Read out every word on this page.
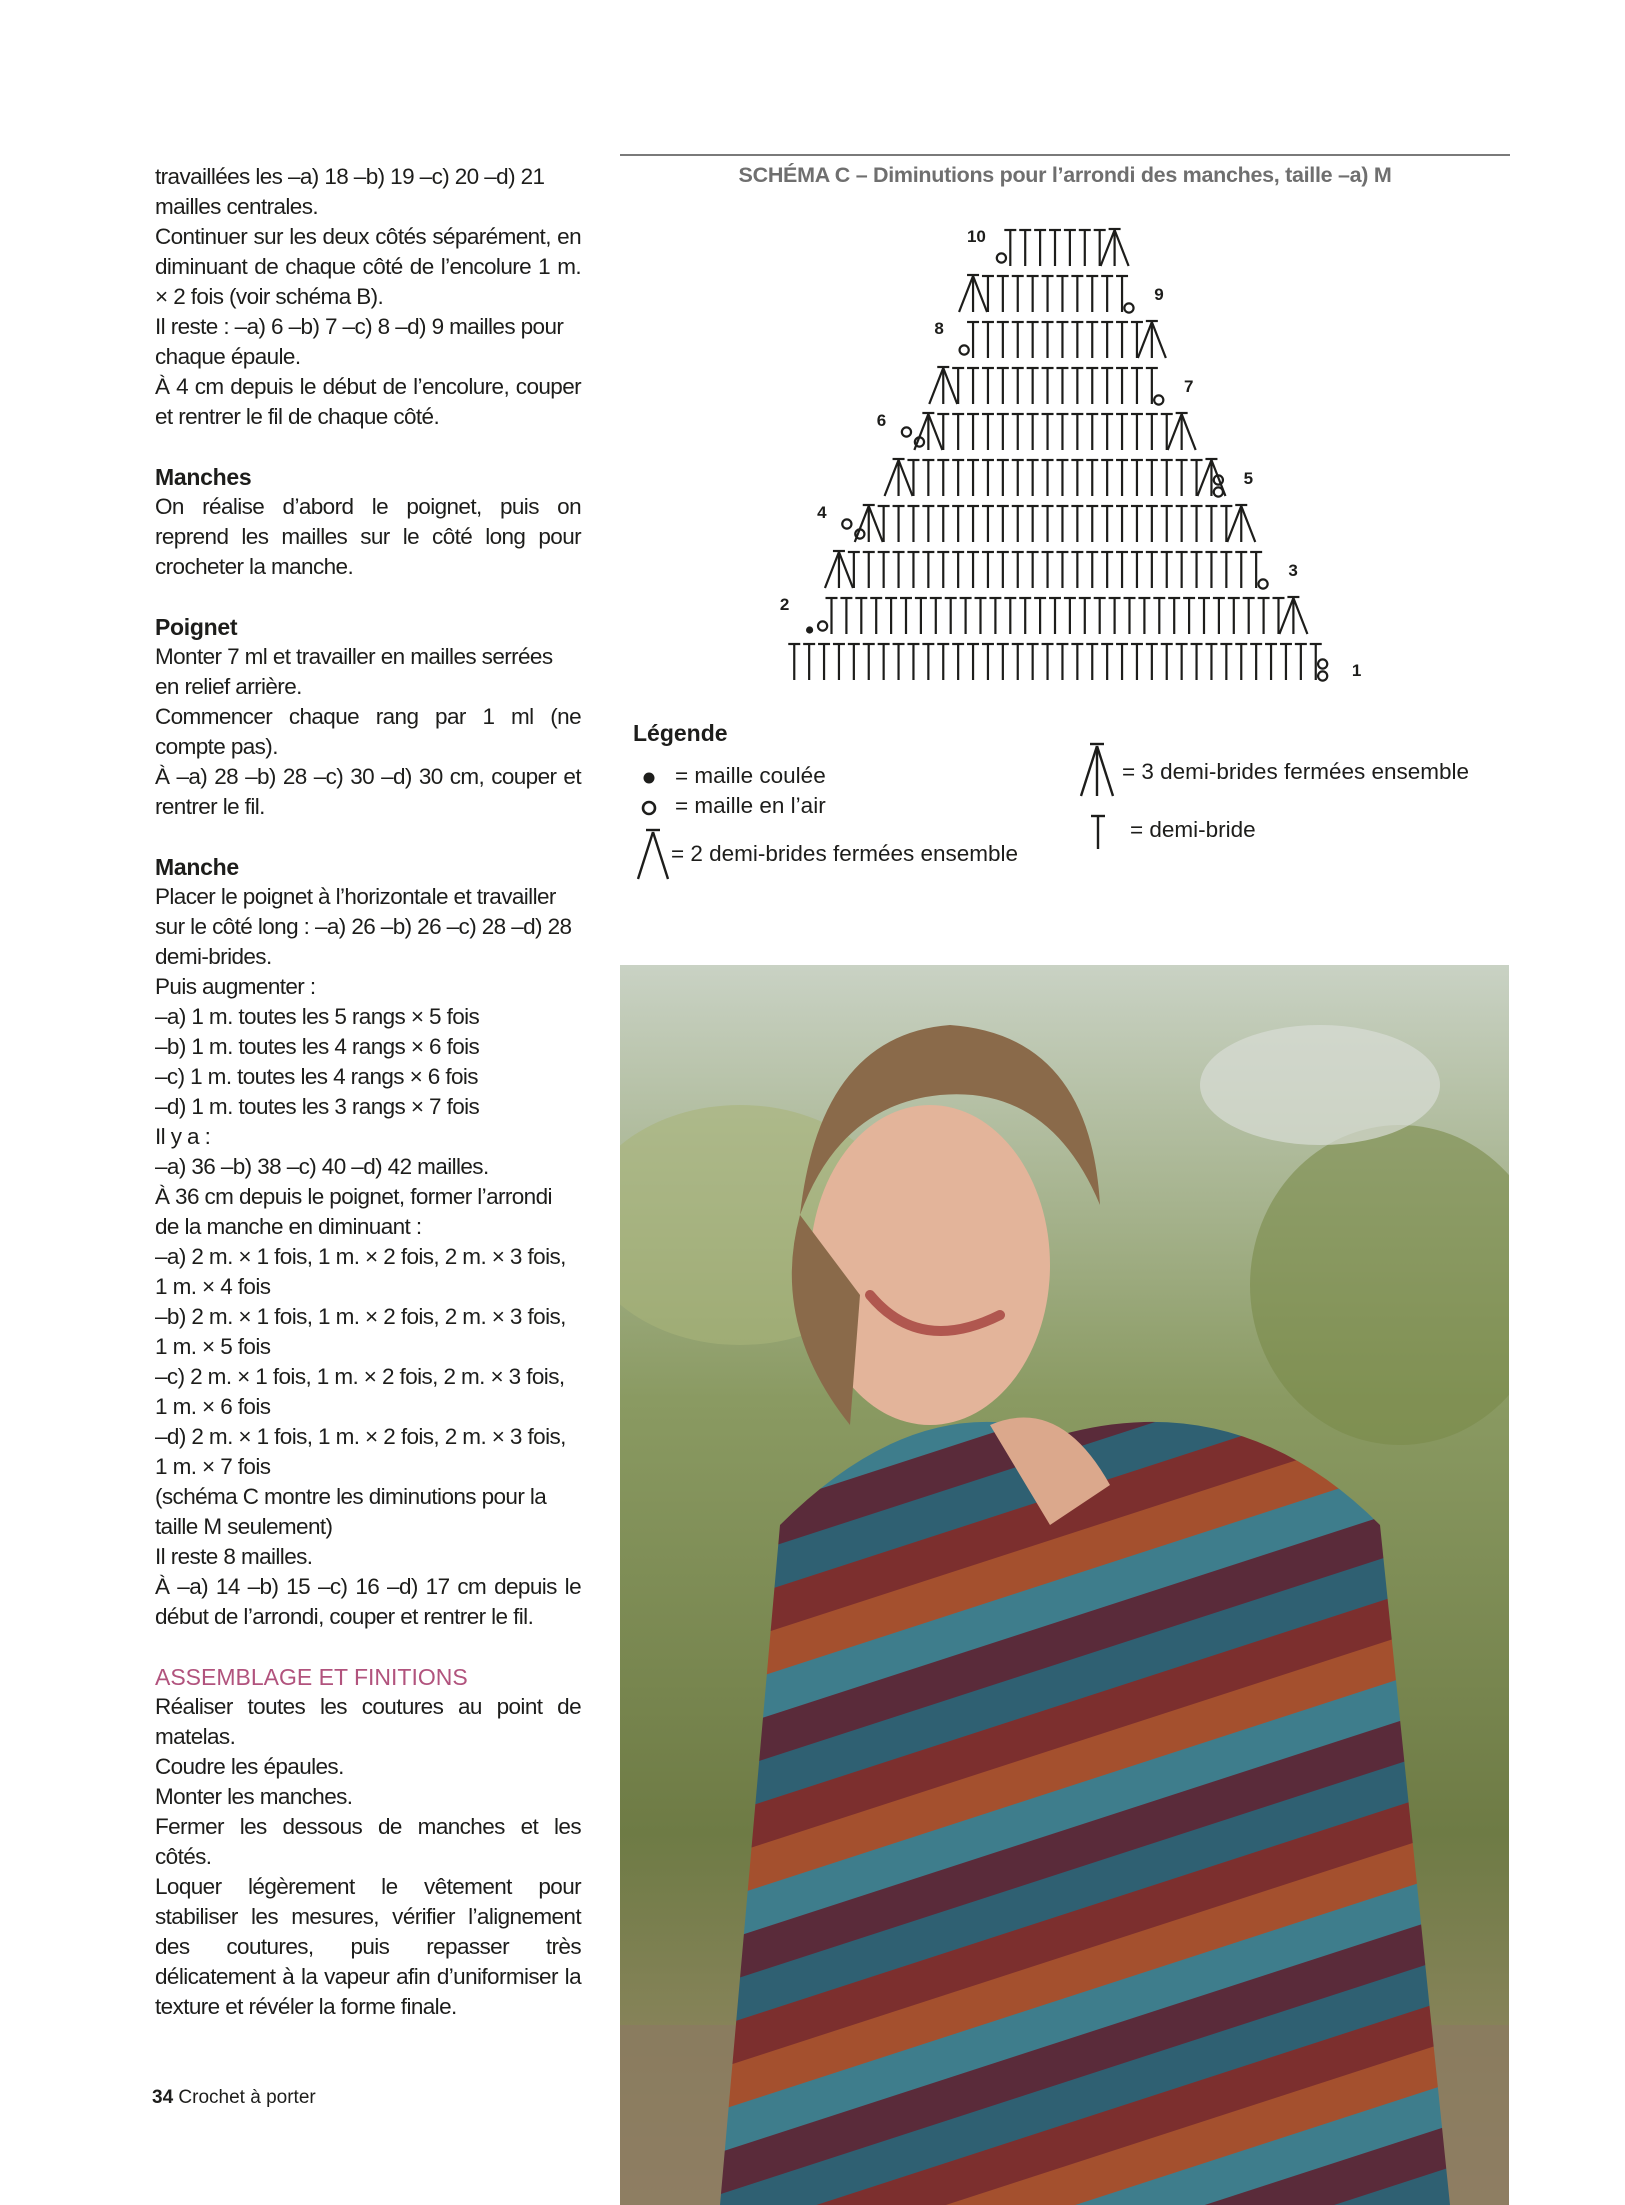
travaillées les –a) 18 –b) 19 –c) 20 –d) 21 mailles centrales.

Continuer sur les deux côtés séparément, en diminuant de chaque côté de l’encolure 1 m. × 2 fois (voir schéma B).

Il reste : –a) 6 –b) 7 –c) 8 –d) 9 mailles pour chaque épaule.

À 4 cm depuis le début de l’encolure, couper et rentrer le fil de chaque côté.

Manches

On réalise d’abord le poignet, puis on reprend les mailles sur le côté long pour crocheter la manche.

Poignet

Monter 7 ml et travailler en mailles serrées en relief arrière.

Commencer chaque rang par 1 ml (ne compte pas).

À –a) 28 –b) 28 –c) 30 –d) 30 cm, couper et rentrer le fil.

Manche

Placer le poignet à l’horizontale et travailler sur le côté long : –a) 26 –b) 26 –c) 28 –d) 28 demi-brides.

Puis augmenter :

–a) 1 m. toutes les 5 rangs × 5 fois

–b) 1 m. toutes les 4 rangs × 6 fois

–c) 1 m. toutes les 4 rangs × 6 fois

–d) 1 m. toutes les 3 rangs × 7 fois

Il y a :

–a) 36 –b) 38 –c) 40 –d) 42 mailles.

À 36 cm depuis le poignet, former l’arrondi de la manche en diminuant :

–a) 2 m. × 1 fois, 1 m. × 2 fois, 2 m. × 3 fois, 1 m. × 4 fois

–b) 2 m. × 1 fois, 1 m. × 2 fois, 2 m. × 3 fois, 1 m. × 5 fois

–c) 2 m. × 1 fois, 1 m. × 2 fois, 2 m. × 3 fois, 1 m. × 6 fois

–d) 2 m. × 1 fois, 1 m. × 2 fois, 2 m. × 3 fois, 1 m. × 7 fois

(schéma C montre les diminutions pour la taille M seulement)

Il reste 8 mailles.

À –a) 14 –b) 15 –c) 16 –d) 17 cm depuis le début de l’arrondi, couper et rentrer le fil.

ASSEMBLAGE ET FINITIONS

Réaliser toutes les coutures au point de matelas.

Coudre les épaules.

Monter les manches.

Fermer les dessous de manches et les côtés.

Loquer légèrement le vêtement pour stabiliser les mesures, vérifier l’alignement des coutures, puis repasser très délicatement à la vapeur afin d’uniformiser la texture et révéler la forme finale.

34 Crochet à porter
SCHÉMA C – Diminutions pour l’arrondi des manches, taille –a) M
1
2
3
4
5
6
7
8
9
10
Légende
= maille coulée
= maille en l’air
= 2 demi-brides fermées ensemble
= 3 demi-brides fermées ensemble
= demi-bride
